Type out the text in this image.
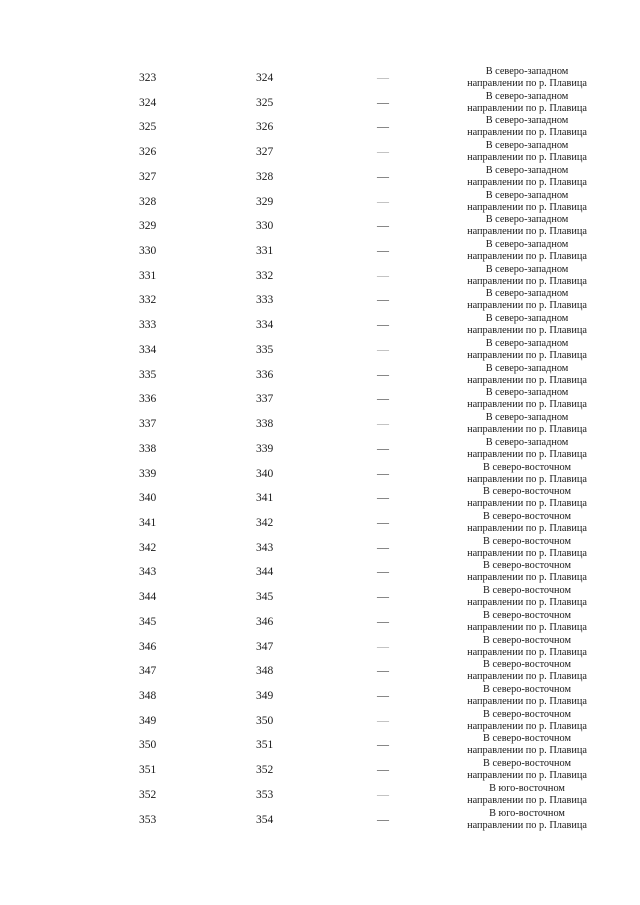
323	324	—	В северо-западном
направлении по р. Плавица
324	325	—	В северо-западном
направлении по р. Плавица
325	326	—	В северо-западном
направлении по р. Плавица
326	327	—	В северо-западном
направлении по р. Плавица
327	328	—	В северо-западном
направлении по р. Плавица
328	329	—	В северо-западном
направлении по р. Плавица
329	330	—	В северо-западном
направлении по р. Плавица
330	331	—	В северо-западном
направлении по р. Плавица
331	332	—	В северо-западном
направлении по р. Плавица
332	333	—	В северо-западном
направлении по р. Плавица
333	334	—	В северо-западном
направлении по р. Плавица
334	335	—	В северо-западном
направлении по р. Плавица
335	336	—	В северо-западном
направлении по р. Плавица
336	337	—	В северо-западном
направлении по р. Плавица
337	338	—	В северо-западном
направлении по р. Плавица
338	339	—	В северо-западном
направлении по р. Плавица
339	340	—	В северо-восточном
направлении по р. Плавица
340	341	—	В северо-восточном
направлении по р. Плавица
341	342	—	В северо-восточном
направлении по р. Плавица
342	343	—	В северо-восточном
направлении по р. Плавица
343	344	—	В северо-восточном
направлении по р. Плавица
344	345	—	В северо-восточном
направлении по р. Плавица
345	346	—	В северо-восточном
направлении по р. Плавица
346	347	—	В северо-восточном
направлении по р. Плавица
347	348	—	В северо-восточном
направлении по р. Плавица
348	349	—	В северо-восточном
направлении по р. Плавица
349	350	—	В северо-восточном
направлении по р. Плавица
350	351	—	В северо-восточном
направлении по р. Плавица
351	352	—	В северо-восточном
направлении по р. Плавица
352	353	—	В юго-восточном
направлении по р. Плавица
353	354	—	В юго-восточном
направлении по р. Плавица
